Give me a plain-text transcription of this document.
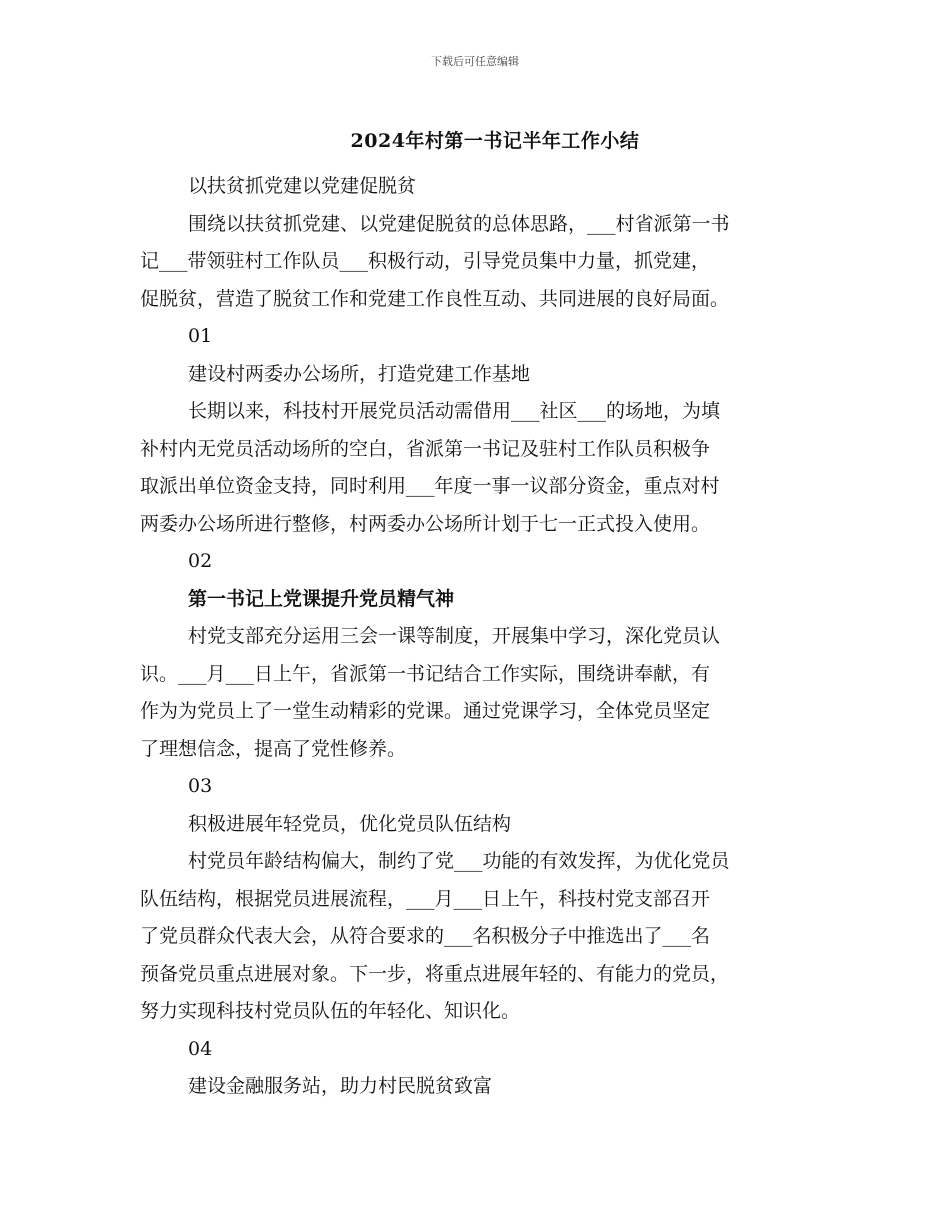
下载后可任意编辑
2024年村第一书记半年工作小结
以扶贫抓党建以党建促脱贫
围绕以扶贫抓党建、以党建促脱贫的总体思路，___村省派第一书
记___带领驻村工作队员___积极行动，引导党员集中力量，抓党建，
促脱贫，营造了脱贫工作和党建工作良性互动、共同进展的良好局面。
01
建设村两委办公场所，打造党建工作基地
长期以来，科技村开展党员活动需借用___社区___的场地，为填
补村内无党员活动场所的空白，省派第一书记及驻村工作队员积极争
取派出单位资金支持，同时利用___年度一事一议部分资金，重点对村
两委办公场所进行整修，村两委办公场所计划于七一正式投入使用。
02
第一书记上党课提升党员精气神
村党支部充分运用三会一课等制度，开展集中学习，深化党员认
识。___月___日上午，省派第一书记结合工作实际，围绕讲奉献，有
作为为党员上了一堂生动精彩的党课。通过党课学习，全体党员坚定
了理想信念，提高了党性修养。
03
积极进展年轻党员，优化党员队伍结构
村党员年龄结构偏大，制约了党___功能的有效发挥，为优化党员
队伍结构，根据党员进展流程，___月___日上午，科技村党支部召开
了党员群众代表大会，从符合要求的___名积极分子中推选出了___名
预备党员重点进展对象。下一步，将重点进展年轻的、有能力的党员，
努力实现科技村党员队伍的年轻化、知识化。
04
建设金融服务站，助力村民脱贫致富
